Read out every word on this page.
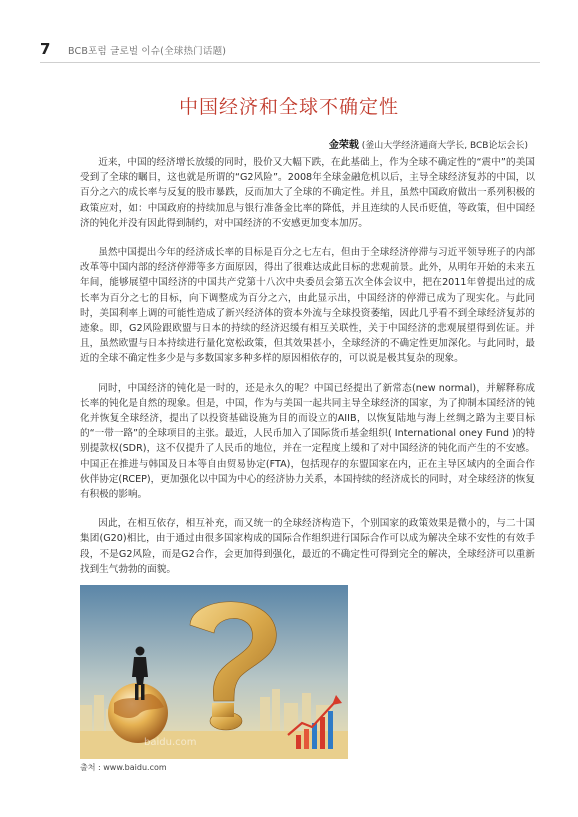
7 BCB포럼 글로벌 이슈(全球热门话题)
中国经济和全球不确定性
金荣载 (釜山大学经济通商大学长, BCB论坛会长)

近来，中国的经济增长放缓的同时，股价又大幅下跌，在此基础上，作为全球不确定性的“震中”的美国受到了全球的瞩目，这也就是所谓的“G2风险”。2008年全球金融危机以后，主导全球经济复苏的中国，以百分之六的成长率与反复的股市暴跌，反而加大了全球的不确定性。并且，虽然中国政府做出一系列积极的政策应对，如：中国政府的持续加息与银行准备金比率的降低，并且连续的人民币贬值，等政策，但中国经济的钝化并没有因此得到制约，对中国经济的不安感更加变本加厉。

虽然中国提出今年的经济成长率的目标是百分之七左右，但由于全球经济停滞与习近平领导班子的内部改革等中国内部的经济停滞等多方面原因，得出了很难达成此目标的悲观前景。此外，从明年开始的未来五年间，能够展望中国经济的中国共产党第十八次中央委员会第五次全体会议中，把在2011年曾提出过的成长率为百分之七的目标，向下调整成为百分之六，由此显示出，中国经济的停滞已成为了现实化。与此同时，美国利率上调的可能性造成了新兴经济体的资本外流与全球投资萎缩，因此几乎看不到全球经济复苏的迹象。即，G2风险跟欧盟与日本的持续的经济迟缓有相互关联性，关于中国经济的悲观展望得到佐证。并且，虽然欧盟与日本持续进行量化宽松政策，但其效果甚小，全球经济的不确定性更加深化。与此同时，最近的全球不确定性多少是与多数国家多种多样的原因相依存的，可以说是极其复杂的现象。

同时，中国经济的钝化是一时的，还是永久的呢？中国已经提出了新常态(new normal)，并解释称成长率的钝化是自然的现象。但是，中国，作为与美国一起共同主导全球经济的国家，为了抑制本国经济的钝化并恢复全球经济，提出了以投资基础设施为目的而设立的AIIB，以恢复陆地与海上丝绸之路为主要目标的“一带一路”的全球项目的主张。最近，人民币加入了国际货币基金组织( International oney Fund )的特别提款权(SDR)，这不仅提升了人民币的地位，并在一定程度上缓和了对中国经济的钝化而产生的不安感。中国正在推进与韩国及日本等自由贸易协定(FTA)，包括现存的东盟国家在内，正在主导区域内的全面合作伙伴协定(RCEP)，更加强化以中国为中心的经济协力关系，本国持续的经济成长的同时，对全球经济的恢复有积极的影响。

因此，在相互依存，相互补充，而又统一的全球经济构造下，个别国家的政策效果是微小的，与二十国集团(G20)相比，由于通过由很多国家构成的国际合作组织进行国际合作可以成为解决全球不安性的有效手段，不是G2风险，而是G2合作，会更加得到强化，最近的不确定性可得到完全的解决，全球经济可以重新找到生气勃勃的面貌。

baidu.com
출처 : www.baidu.com
